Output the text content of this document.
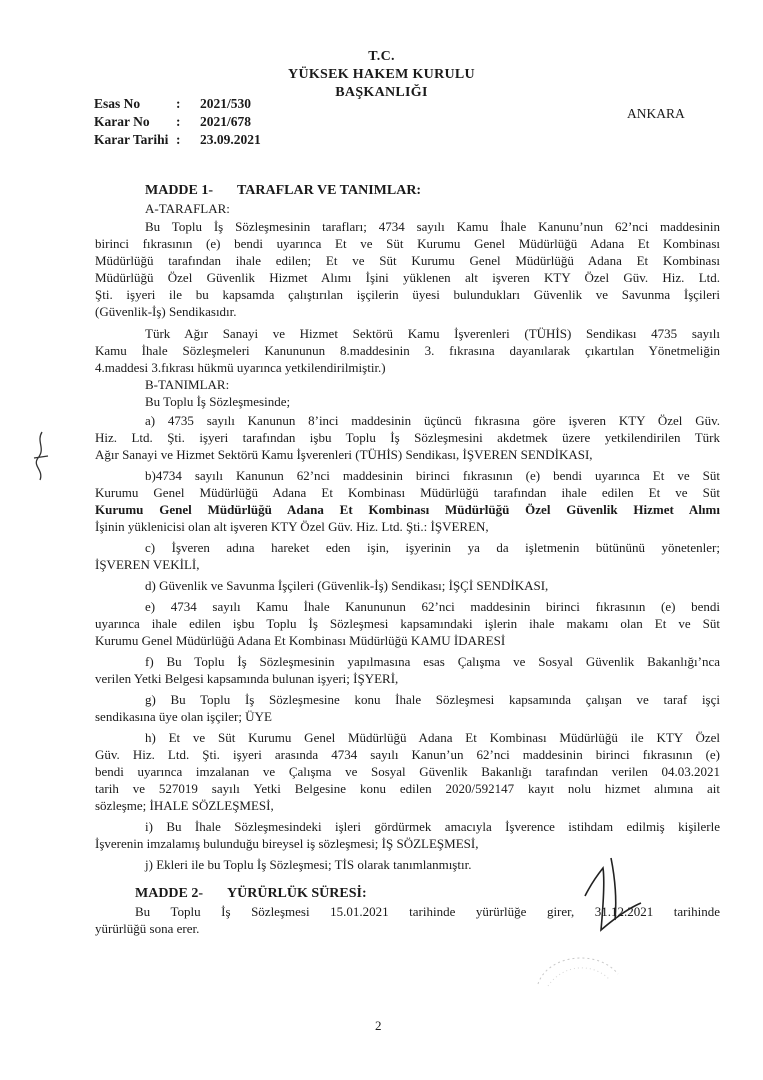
T.C.
YÜKSEK HAKEM KURULU
BAŞKANLIĞI
Esas No	:	2021/530
Karar No	:	2021/678
Karar Tarihi :	23.09.2021
ANKARA
MADDE 1- TARAFLAR VE TANIMLAR:
A-TARAFLAR:
Bu Toplu İş Sözleşmesinin tarafları; 4734 sayılı Kamu İhale Kanunu’nun 62’nci maddesinin
birinci fıkrasının (e) bendi uyarınca Et ve Süt Kurumu Genel Müdürlüğü Adana Et Kombinası
Müdürlüğü tarafından ihale edilen; Et ve Süt Kurumu Genel Müdürlüğü Adana Et Kombinası
Müdürlüğü Özel Güvenlik Hizmet Alımı İşini yüklenen alt işveren KTY Özel Güv. Hiz. Ltd.
Şti. işyeri ile bu kapsamda çalıştırılan işçilerin üyesi bulundukları Güvenlik ve Savunma İşçileri
(Güvenlik-İş) Sendikasıdır.
Türk Ağır Sanayi ve Hizmet Sektörü Kamu İşverenleri (TÜHİS) Sendikası 4735 sayılı
Kamu İhale Sözleşmeleri Kanununun 8.maddesinin 3. fıkrasına dayanılarak çıkartılan Yönetmeliğin
4.maddesi 3.fıkrası hükmü uyarınca yetkilendirilmiştir.)
B-TANIMLAR:
Bu Toplu İş Sözleşmesinde;
a) 4735 sayılı Kanunun 8’inci maddesinin üçüncü fıkrasına göre işveren KTY Özel Güv.
Hiz. Ltd. Şti. işyeri tarafından işbu Toplu İş Sözleşmesini akdetmek üzere yetkilendirilen Türk
Ağır Sanayi ve Hizmet Sektörü Kamu İşverenleri (TÜHİS) Sendikası, İŞVEREN SENDİKASI,
b)4734 sayılı Kanunun 62’nci maddesinin birinci fıkrasının (e) bendi uyarınca Et ve Süt
Kurumu Genel Müdürlüğü Adana Et Kombinası Müdürlüğü tarafından ihale edilen Et ve Süt
Kurumu Genel Müdürlüğü Adana Et Kombinası Müdürlüğü Özel Güvenlik Hizmet Alımı
İşinin yüklenicisi olan alt işveren KTY Özel Güv. Hiz. Ltd. Şti.: İŞVEREN,
c) İşveren adına hareket eden işin, işyerinin ya da işletmenin bütününü yönetenler;
İŞVEREN VEKİLİ,
d) Güvenlik ve Savunma İşçileri (Güvenlik-İş) Sendikası; İŞÇİ SENDİKASI,
e) 4734 sayılı Kamu İhale Kanununun 62’nci maddesinin birinci fıkrasının (e) bendi
uyarınca ihale edilen işbu Toplu İş Sözleşmesi kapsamındaki işlerin ihale makamı olan Et ve Süt
Kurumu Genel Müdürlüğü Adana Et Kombinası Müdürlüğü KAMU İDARESİ
f) Bu Toplu İş Sözleşmesinin yapılmasına esas Çalışma ve Sosyal Güvenlik Bakanlığı’nca
verilen Yetki Belgesi kapsamında bulunan işyeri; İŞYERİ,
g) Bu Toplu İş Sözleşmesine konu İhale Sözleşmesi kapsamında çalışan ve taraf işçi
sendikasına üye olan işçiler; ÜYE
h) Et ve Süt Kurumu Genel Müdürlüğü Adana Et Kombinası Müdürlüğü ile KTY Özel
Güv. Hiz. Ltd. Şti. işyeri arasında 4734 sayılı Kanun’un 62’nci maddesinin birinci fıkrasının (e)
bendi uyarınca imzalanan ve Çalışma ve Sosyal Güvenlik Bakanlığı tarafından verilen 04.03.2021
tarih ve 527019 sayılı Yetki Belgesine konu edilen 2020/592147 kayıt nolu hizmet alımına ait
sözleşme; İHALE SÖZLEŞMESİ,
i) Bu İhale Sözleşmesindeki işleri gördürmek amacıyla İşverence istihdam edilmiş kişilerle
İşverenin imzalamış bulunduğu bireysel iş sözleşmesi; İŞ SÖZLEŞMESİ,
j) Ekleri ile bu Toplu İş Sözleşmesi; TİS olarak tanımlanmıştır.
MADDE 2- YÜRÜRLÜK SÜRESİ:
Bu Toplu İş Sözleşmesi 15.01.2021 tarihinde yürürlüğe girer, 31.12.2021 tarihinde
yürürlüğü sona erer.
2
